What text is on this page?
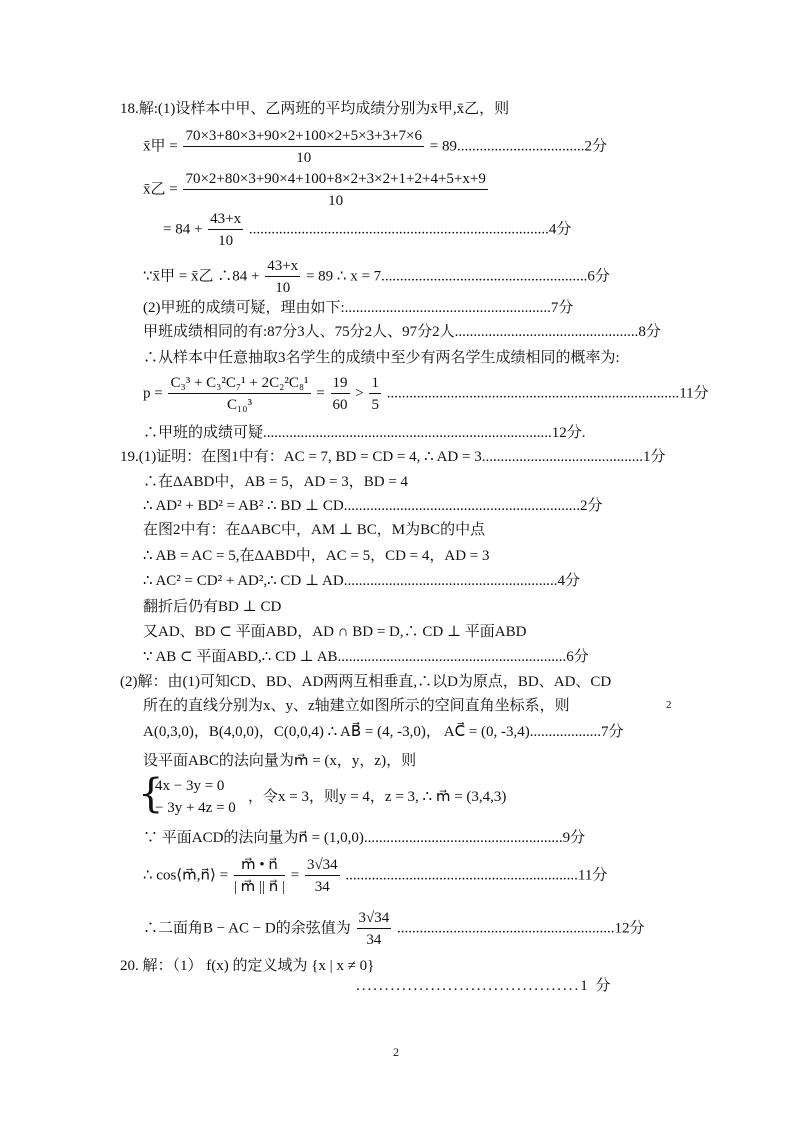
18.解:(1)设样本中甲、乙两班的平均成绩分别为x̄甲,x̄乙，则
x̄甲 = $\frac{70\times 3+80\times 3+90\times 2+100\times 2+5\times 3+3+7\times 6}{10} = 89..................................2$分
x̄乙 = $\frac{70\times 2+80\times 3+90\times 4+100+8\times 2+3\times 2+1+2+4+5+x+9}{10}$
= $84 + \frac{43+x}{10} ................................................................................4$分
∵x̄甲 = x̄乙 ∴84 + $\frac{43+x}{10} = 89$ ∴ x = 7.......................................................6分
(2)甲班的成绩可疑，理由如下:.......................................................7分
甲班成绩相同的有:87分3人、75分2人、97分2人.................................................8分
∴从样本中任意抽取3名学生的成绩中至少有两名学生成绩相同的概率为:
$p = \frac{\text{C₃³ + C₃²C₇¹ + 2C₂²C₈¹}}{\text{C₁₀³}} = \frac{19}{60} > \frac{1}{5} ..............................................................................11$分
∴甲班的成绩可疑.............................................................................12分.
19.(1)证明：在图1中有：AC = 7, BD = CD = 4, ∴ AD = 3...........................................1分
∴在ΔABD中，AB = 5，AD = 3，BD = 4
∴ AD² + BD² = AB² ∴ BD ⊥ CD...............................................................2分
在图2中有：在ΔABC中，AM ⊥ BC，M为BC的中点
∴ AB = AC = 5,在ΔABD中，AC = 5，CD = 4，AD = 3
∴ AC² = CD² + AD²,∴ CD ⊥ AD.........................................................4分
翻折后仍有BD ⊥ CD
又AD、BD ⊂ 平面ABD，AD ∩ BD = D,∴ CD ⊥ 平面ABD
∵ AB ⊂ 平面ABD,∴ CD ⊥ AB.............................................................6分
(2)解：由(1)可知CD、BD、AD两两互相垂直,∴以D为原点，BD、AD、CD
所在的直线分别为x、y、z轴建立如图所示的空间直角坐标系，则	2
A(0,3,0)，B(4,0,0)，C(0,0,4) ∴ AB⃗ = (4, -3,0)， AC⃗ = (0, -3,4)...................7分
设平面ABC的法向量为m⃗ = (x，y，z)，则
{
4x − 3y = 0
− 3y + 4z = 0
，令x = 3，则y = 4，z = 3, ∴ m⃗ = (3,4,3)
∵ 平面ACD的法向量为n⃗ = (1,0,0).....................................................9分
∴ cos⟨m⃗,n⃗⟩ = $\frac{m⃗ • n⃗}{| m⃗ || n⃗ |} = \frac{3√34}{34} ..............................................................11$分
∴二面角B − AC − D的余弦值为 $\frac{3√34}{34} ..........................................................12$分
20. 解：（1） f(x) 的定义域为 {x | x ≠ 0}
.......................................1 分
2
